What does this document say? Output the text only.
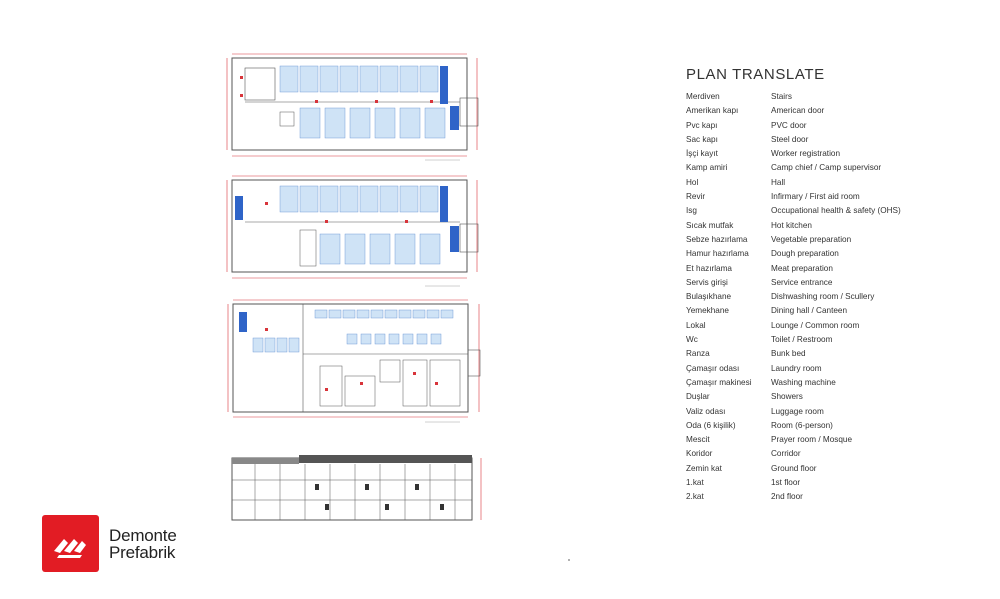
PLAN TRANSLATE
Merdiven	Stairs
Amerikan kapı	American door
Pvc kapı	PVC door
Sac kapı	Steel door
İşçi kayıt	Worker registration
Kamp amiri	Camp chief / Camp supervisor
Hol	Hall
Revir	Infirmary / First aid room
Isg	Occupational health & safety (OHS)
Sıcak mutfak	Hot kitchen
Sebze hazırlama	Vegetable preparation
Hamur hazırlama	Dough preparation
Et hazırlama	Meat preparation
Servis girişi	Service entrance
Bulaşıkhane	Dishwashing room / Scullery
Yemekhane	Dining hall / Canteen
Lokal	Lounge / Common room
Wc	Toilet / Restroom
Ranza	Bunk bed
Çamaşır odası	Laundry room
Çamaşır makinesi	Washing machine
Duşlar	Showers
Valiz odası	Luggage room
Oda (6 kişilik)	Room (6-person)
Mescit	Prayer room / Mosque
Koridor	Corridor
Zemin kat	Ground floor
1.kat	1st floor
2.kat	2nd floor
Demonte
Prefabrik
